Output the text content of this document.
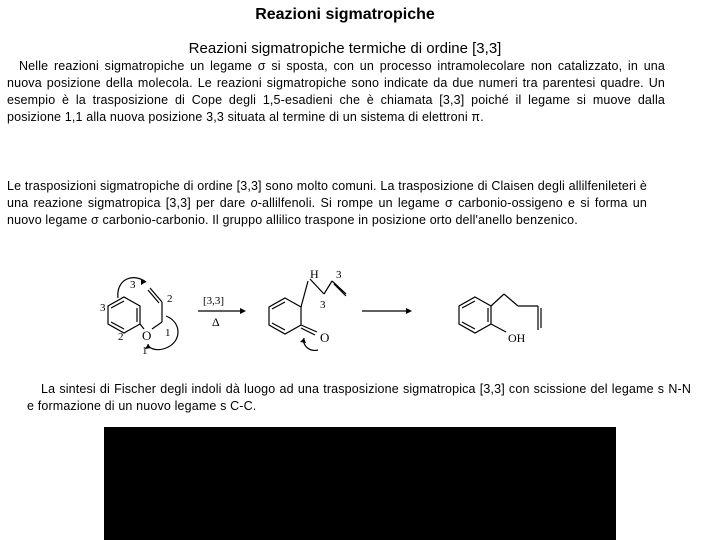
Reazioni sigmatropiche
Reazioni sigmatropiche termiche di ordine [3,3]
Nelle reazioni sigmatropiche un legame σ si sposta, con un processo intramolecolare non catalizzato, in una nuova posizione della molecola. Le reazioni sigmatropiche sono indicate da due numeri tra parentesi quadre. Un esempio è la trasposizione di Cope degli 1,5-esadieni che è chiamata [3,3] poiché il legame si muove dalla posizione 1,1 alla nuova posizione 3,3 situata al termine di un sistema di elettroni π.
Le trasposizioni sigmatropiche di ordine [3,3] sono molto comuni. La trasposizione di Claisen degli allilfenileteri è una reazione sigmatropica [3,3] per dare o-allilfenoli. Si rompe un legame σ carbonio-ossigeno e si forma un nuovo legame σ carbonio-carbonio. Il gruppo allilico traspone in posizione orto dell'anello benzenico.
3
3
2
1
2 O
1
[3,3]
Δ
H 3
3
O	OH
La sintesi di Fischer degli indoli dà luogo ad una trasposizione sigmatropica [3,3] con scissione del legame s N-N e formazione di un nuovo legame s C-C.
